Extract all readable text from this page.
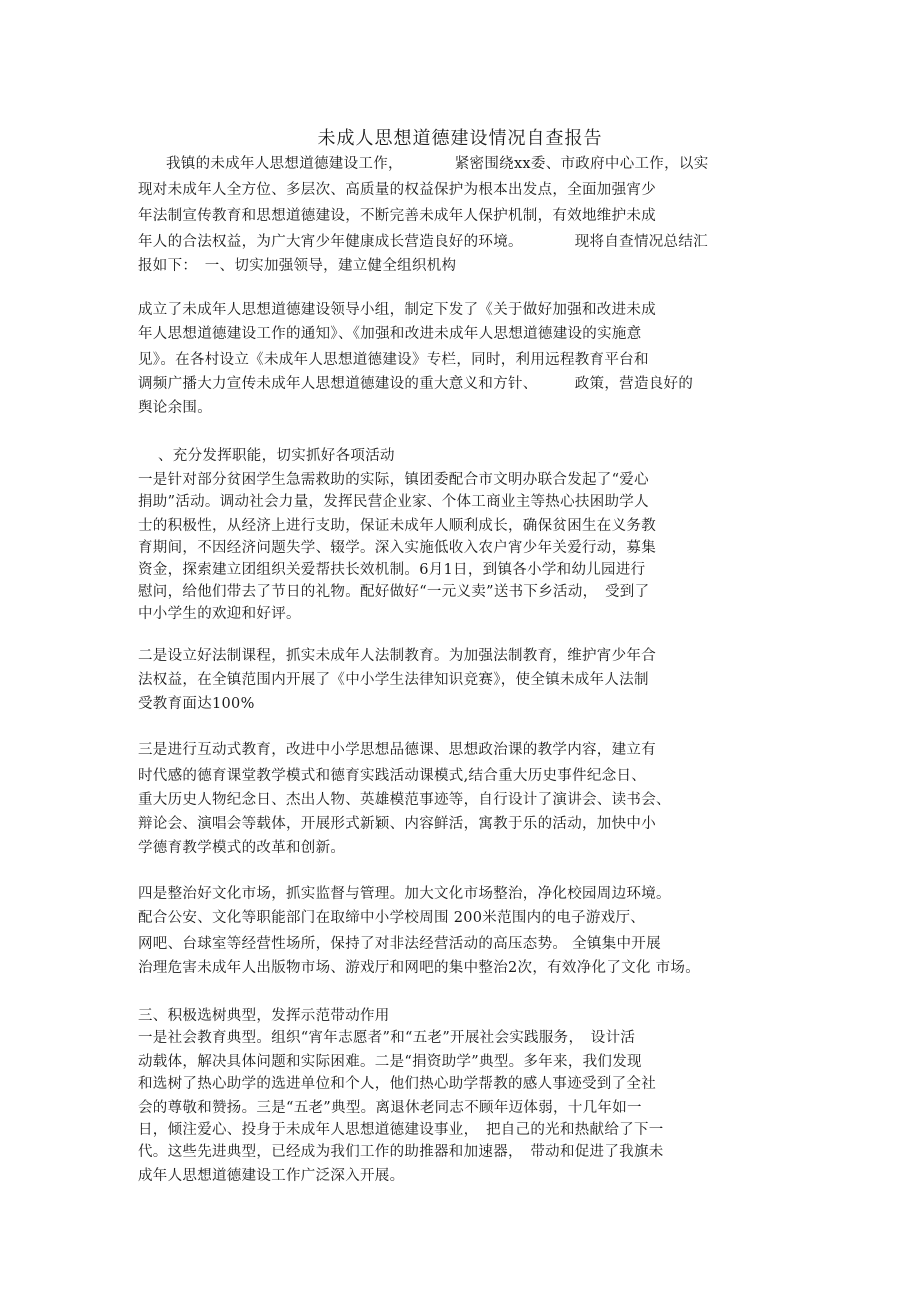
未成人思想道德建设情况自查报告
我镇的未成年人思想道德建设工作，　　　　紧密围绕xx委、市政府中心工作，以实
现对未成年人全方位、多层次、高质量的权益保护为根本出发点，全面加强宵少
年法制宣传教育和思想道德建设，不断完善未成年人保护机制，有效地维护未成
年人的合法权益，为广大宵少年健康成长营造良好的环境。　　　　现将自查情况总结汇
报如下：　一、切实加强领导，建立健全组织机构
成立了未成年人思想道德建设领导小组，制定下发了《关于做好加强和改进未成
年人思想道德建设工作的通知》、《加强和改进未成年人思想道德建设的实施意
见》。在各村设立《未成年人思想道德建设》专栏，同时，利用远程教育平台和
调频广播大力宣传未成年人思想道德建设的重大意义和方针、　　　政策，营造良好的
舆论余围。
、充分发挥职能，切实抓好各项活动
一是针对部分贫困学生急需救助的实际，镇团委配合市文明办联合发起了“爱心
捐助”活动。调动社会力量，发挥民营企业家、个体工商业主等热心扶困助学人
士的积极性，从经济上进行支助，保证未成年人顺利成长，确保贫困生在义务教
育期间，不因经济问题失学、辍学。深入实施低收入农户宵少年关爱行动，募集
资金，探索建立团组织关爱帮扶长效机制。6月1日，到镇各小学和幼儿园进行
慰问，给他们带去了节日的礼物。配好做好“一元义卖”送书下乡活动，　受到了
中小学生的欢迎和好评。
二是设立好法制课程，抓实未成年人法制教育。为加强法制教育，维护宵少年合
法权益，在全镇范围内开展了《中小学生法律知识竞赛》，使全镇未成年人法制
受教育面达100%
三是进行互动式教育，改进中小学思想品德课、思想政治课的教学内容，建立有
时代感的德育课堂教学模式和德育实践活动课模式,结合重大历史事件纪念日、
重大历史人物纪念日、杰出人物、英雄模范事迹等，自行设计了演讲会、读书会、
辩论会、演唱会等载体，开展形式新颖、内容鲜活，寓教于乐的活动，加快中小
学德育教学模式的改革和创新。
四是整治好文化市场，抓实监督与管理。加大文化市场整治，净化校园周边环境。
配合公安、文化等职能部门在取缔中小学校周围 200米范围内的电子游戏厅、
网吧、台球室等经营性场所，保持了对非法经营活动的高压态势。 全镇集中开展
治理危害未成年人出版物市场、游戏厅和网吧的集中整治2次，有效净化了文化 市场。
三、积极选树典型，发挥示范带动作用
一是社会教育典型。组织“宵年志愿者”和“五老”开展社会实践服务，　设计活
动载体，解决具体问题和实际困难。二是“捐资助学”典型。多年来，我们发现
和选树了热心助学的选进单位和个人，他们热心助学帮教的感人事迹受到了全社
会的尊敬和赞扬。三是“五老”典型。离退休老同志不顾年迈体弱，十几年如一
日，倾注爱心、投身于未成年人思想道德建设事业，　把自己的光和热献给了下一
代。这些先进典型，已经成为我们工作的助推器和加速器，　带动和促进了我旗未
成年人思想道德建设工作广泛深入开展。
